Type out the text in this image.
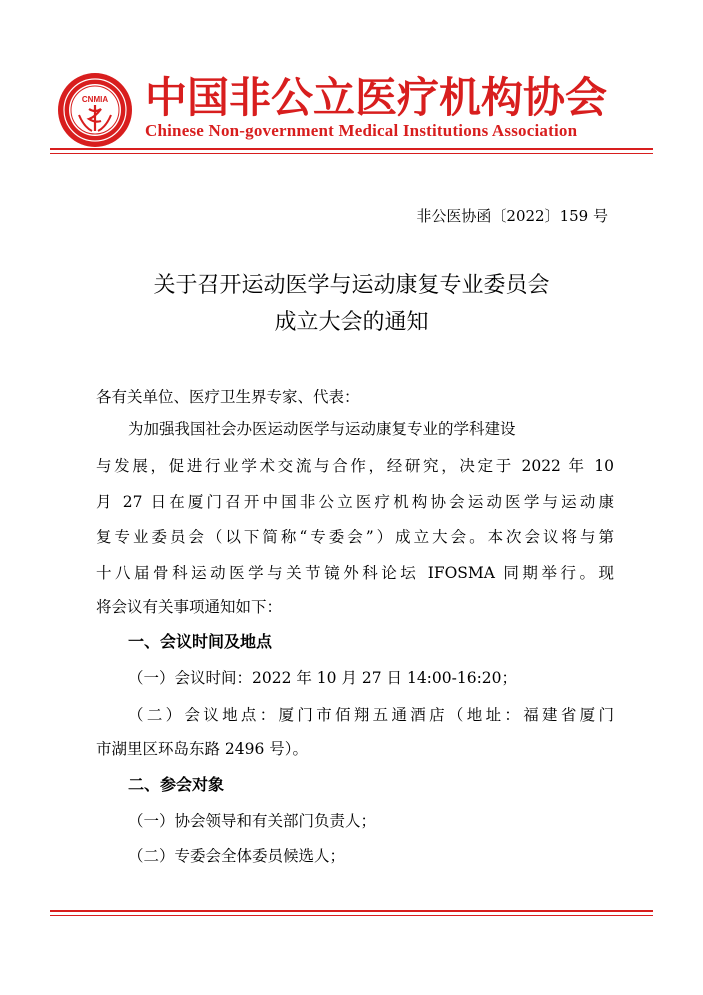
CNMIA 中国非公立医疗机构协会
Chinese Non-government Medical Institutions Association
非公医协函〔2022〕159 号
关于召开运动医学与运动康复专业委员会
成立大会的通知
各有关单位、医疗卫生界专家、代表：
为加强我国社会办医运动医学与运动康复专业的学科建设
与发展，促进行业学术交流与合作，经研究，决定于 2022 年 10
月 27 日在厦门召开中国非公立医疗机构协会运动医学与运动康
复专业委员会（以下简称“专委会”）成立大会。本次会议将与第
十八届骨科运动医学与关节镜外科论坛 IFOSMA 同期举行。现
将会议有关事项通知如下：
一、会议时间及地点
（一）会议时间：2022 年 10 月 27 日 14:00-16:20；
（二）会议地点：厦门市佰翔五通酒店（地址：福建省厦门
市湖里区环岛东路 2496 号）。
二、参会对象
（一）协会领导和有关部门负责人；
（二）专委会全体委员候选人；
